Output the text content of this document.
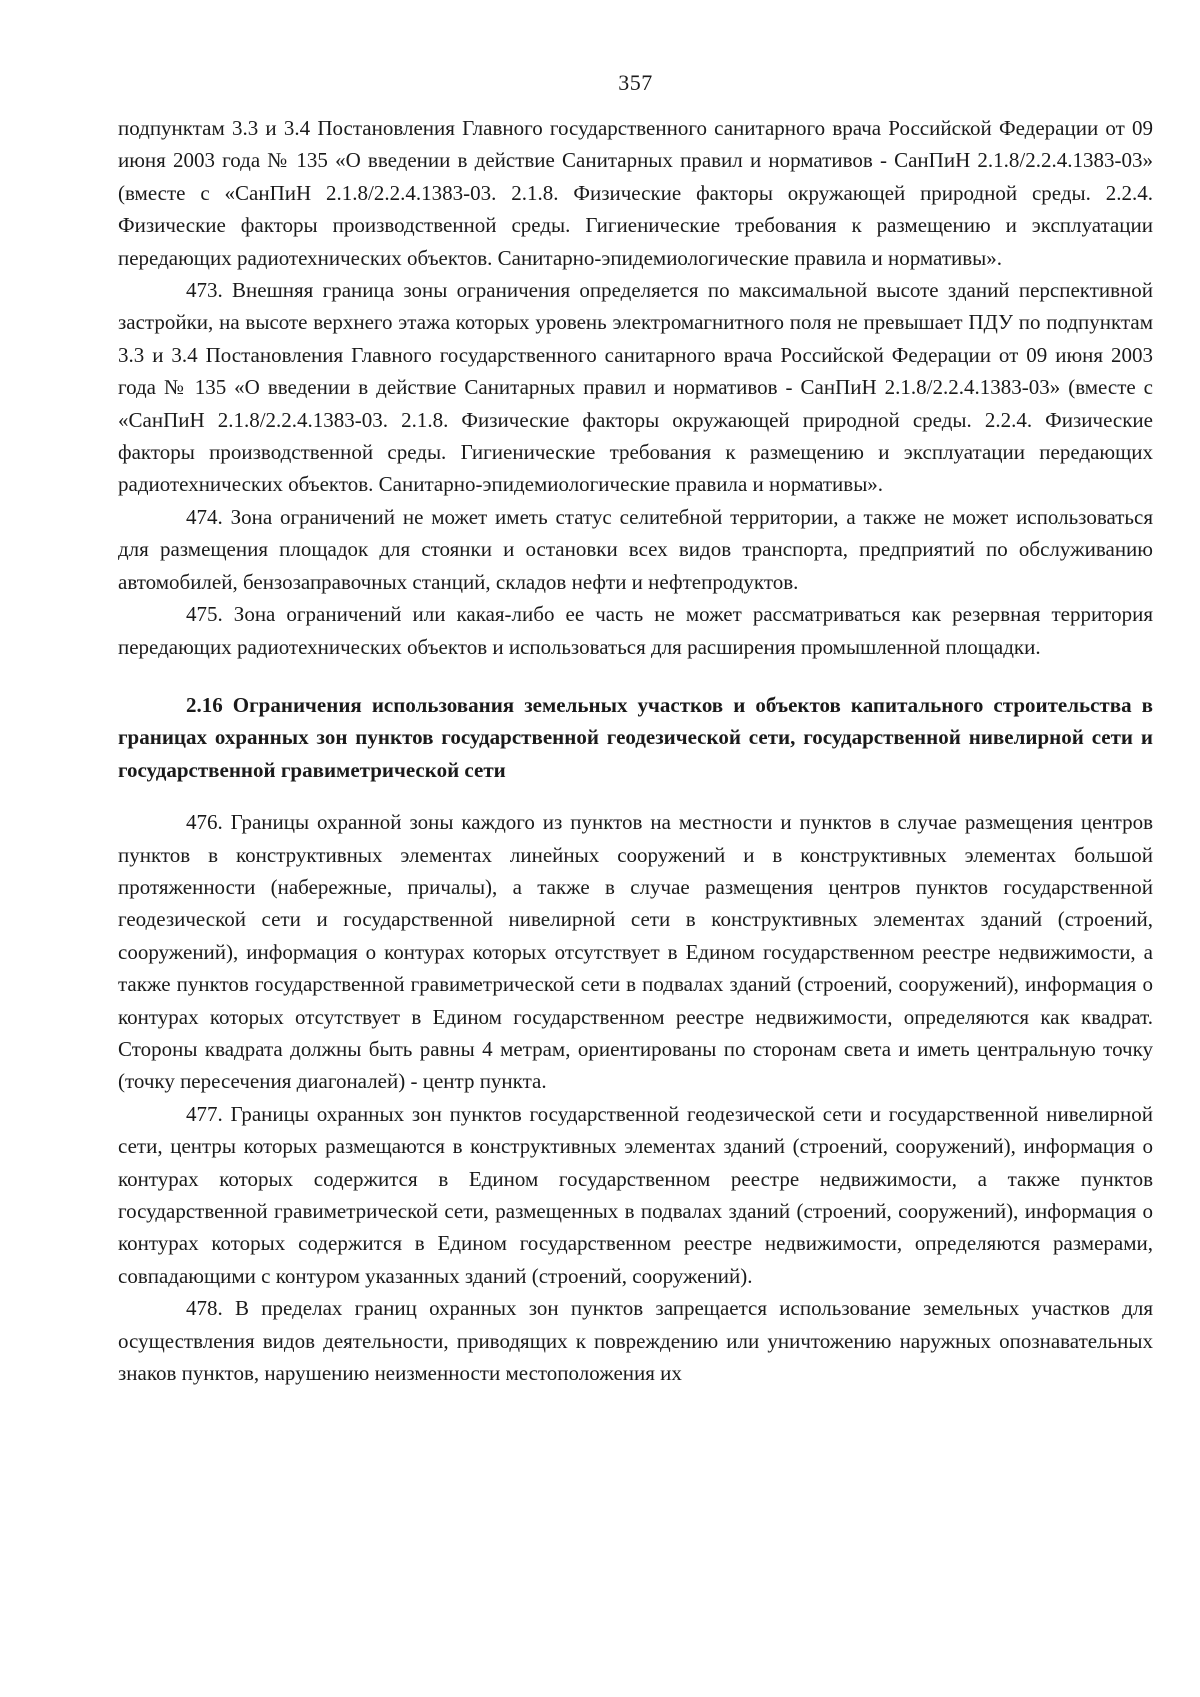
357

подпунктам 3.3 и 3.4 Постановления Главного государственного санитарного врача Российской Федерации от 09 июня 2003 года № 135 «О введении в действие Санитарных правил и нормативов - СанПиН 2.1.8/2.2.4.1383-03» (вместе с «СанПиН 2.1.8/2.2.4.1383-03. 2.1.8. Физические факторы окружающей природной среды. 2.2.4. Физические факторы производственной среды. Гигиенические требования к размещению и эксплуатации передающих радиотехнических объектов. Санитарно-эпидемиологические правила и нормативы».

473. Внешняя граница зоны ограничения определяется по максимальной высоте зданий перспективной застройки, на высоте верхнего этажа которых уровень электромагнитного поля не превышает ПДУ по подпунктам 3.3 и 3.4 Постановления Главного государственного санитарного врача Российской Федерации от 09 июня 2003 года № 135 «О введении в действие Санитарных правил и нормативов - СанПиН 2.1.8/2.2.4.1383-03» (вместе с «СанПиН 2.1.8/2.2.4.1383-03. 2.1.8. Физические факторы окружающей природной среды. 2.2.4. Физические факторы производственной среды. Гигиенические требования к размещению и эксплуатации передающих радиотехнических объектов. Санитарно-эпидемиологические правила и нормативы».

474. Зона ограничений не может иметь статус селитебной территории, а также не может использоваться для размещения площадок для стоянки и остановки всех видов транспорта, предприятий по обслуживанию автомобилей, бензозаправочных станций, складов нефти и нефтепродуктов.

475. Зона ограничений или какая-либо ее часть не может рассматриваться как резервная территория передающих радиотехнических объектов и использоваться для расширения промышленной площадки.

2.16 Ограничения использования земельных участков и объектов капитального строительства в границах охранных зон пунктов государственной геодезической сети, государственной нивелирной сети и государственной гравиметрической сети

476. Границы охранной зоны каждого из пунктов на местности и пунктов в случае размещения центров пунктов в конструктивных элементах линейных сооружений и в конструктивных элементах большой протяженности (набережные, причалы), а также в случае размещения центров пунктов государственной геодезической сети и государственной нивелирной сети в конструктивных элементах зданий (строений, сооружений), информация о контурах которых отсутствует в Едином государственном реестре недвижимости, а также пунктов государственной гравиметрической сети в подвалах зданий (строений, сооружений), информация о контурах которых отсутствует в Едином государственном реестре недвижимости, определяются как квадрат. Стороны квадрата должны быть равны 4 метрам, ориентированы по сторонам света и иметь центральную точку (точку пересечения диагоналей) - центр пункта.

477. Границы охранных зон пунктов государственной геодезической сети и государственной нивелирной сети, центры которых размещаются в конструктивных элементах зданий (строений, сооружений), информация о контурах которых содержится в Едином государственном реестре недвижимости, а также пунктов государственной гравиметрической сети, размещенных в подвалах зданий (строений, сооружений), информация о контурах которых содержится в Едином государственном реестре недвижимости, определяются размерами, совпадающими с контуром указанных зданий (строений, сооружений).

478. В пределах границ охранных зон пунктов запрещается использование земельных участков для осуществления видов деятельности, приводящих к повреждению или уничтожению наружных опознавательных знаков пунктов, нарушению неизменности местоположения их
